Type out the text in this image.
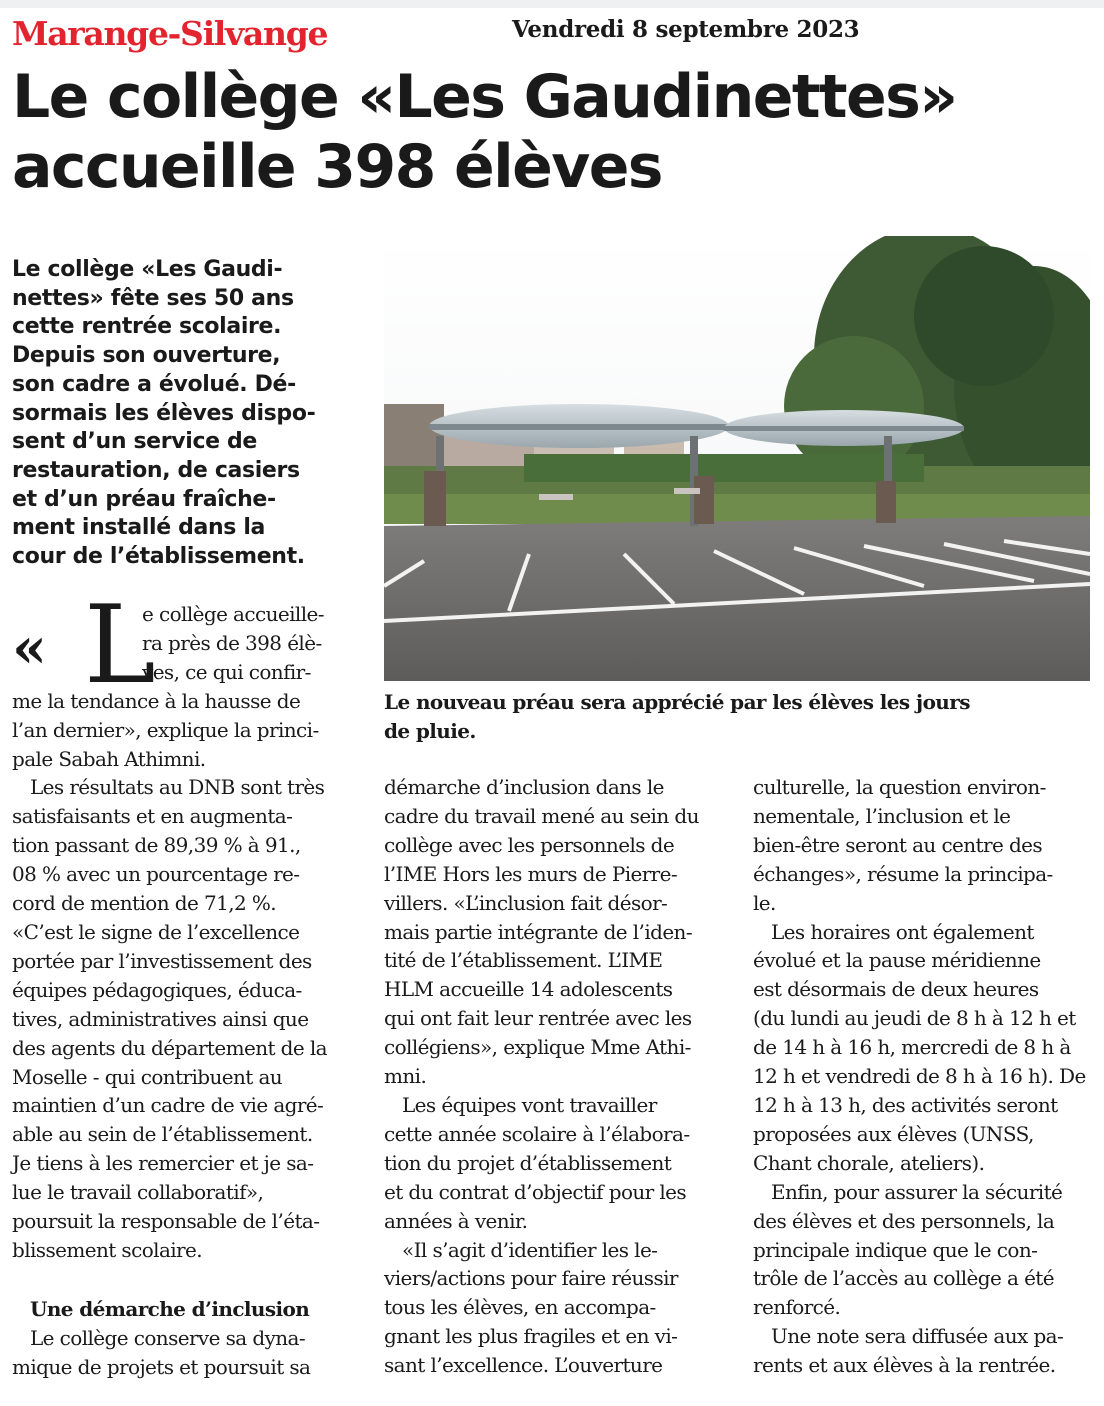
Marange-Silvange	Vendredi 8 septembre 2023
Le collège «Les Gaudinettes»
accueille 398 élèves
Le collège «Les Gaudi-
nettes» fête ses 50 ans
cette rentrée scolaire.
Depuis son ouverture,
son cadre a évolué. Dé-
sormais les élèves dispo-
sent d’un service de
restauration, de casiers
et d’un préau fraîche-
ment installé dans la
cour de l’établissement.
Le nouveau préau sera apprécié par les élèves les jours
de pluie.
« L
e collège accueille-
ra près de 398 élè-
ves, ce qui confir-
me la tendance à la hausse de
l’an dernier», explique la princi-
pale Sabah Athimni.
Les résultats au DNB sont très
satisfaisants et en augmenta-
tion passant de 89,39 % à 91.,
08 % avec un pourcentage re-
cord de mention de 71,2 %.
«C’est le signe de l’excellence
portée par l’investissement des
équipes pédagogiques, éduca-
tives, administratives ainsi que
des agents du département de la
Moselle - qui contribuent au
maintien d’un cadre de vie agré-
able au sein de l’établissement.
Je tiens à les remercier et je sa-
lue le travail collaboratif»,
poursuit la responsable de l’éta-
blissement scolaire.
Une démarche d’inclusion
Le collège conserve sa dyna-
mique de projets et poursuit sa
démarche d’inclusion dans le
cadre du travail mené au sein du
collège avec les personnels de
l’IME Hors les murs de Pierre-
villers. «L’inclusion fait désor-
mais partie intégrante de l’iden-
tité de l’établissement. L’IME
HLM accueille 14 adolescents
qui ont fait leur rentrée avec les
collégiens», explique Mme Athi-
mni.
Les équipes vont travailler
cette année scolaire à l’élabora-
tion du projet d’établissement
et du contrat d’objectif pour les
années à venir.
«Il s’agit d’identifier les le-
viers/actions pour faire réussir
tous les élèves, en accompa-
gnant les plus fragiles et en vi-
sant l’excellence. L’ouverture
culturelle, la question environ-
nementale, l’inclusion et le
bien-être seront au centre des
échanges», résume la principa-
le.
Les horaires ont également
évolué et la pause méridienne
est désormais de deux heures
(du lundi au jeudi de 8 h à 12 h et
de 14 h à 16 h, mercredi de 8 h à
12 h et vendredi de 8 h à 16 h). De
12 h à 13 h, des activités seront
proposées aux élèves (UNSS,
Chant chorale, ateliers).
Enfin, pour assurer la sécurité
des élèves et des personnels, la
principale indique que le con-
trôle de l’accès au collège a été
renforcé.
Une note sera diffusée aux pa-
rents et aux élèves à la rentrée.
